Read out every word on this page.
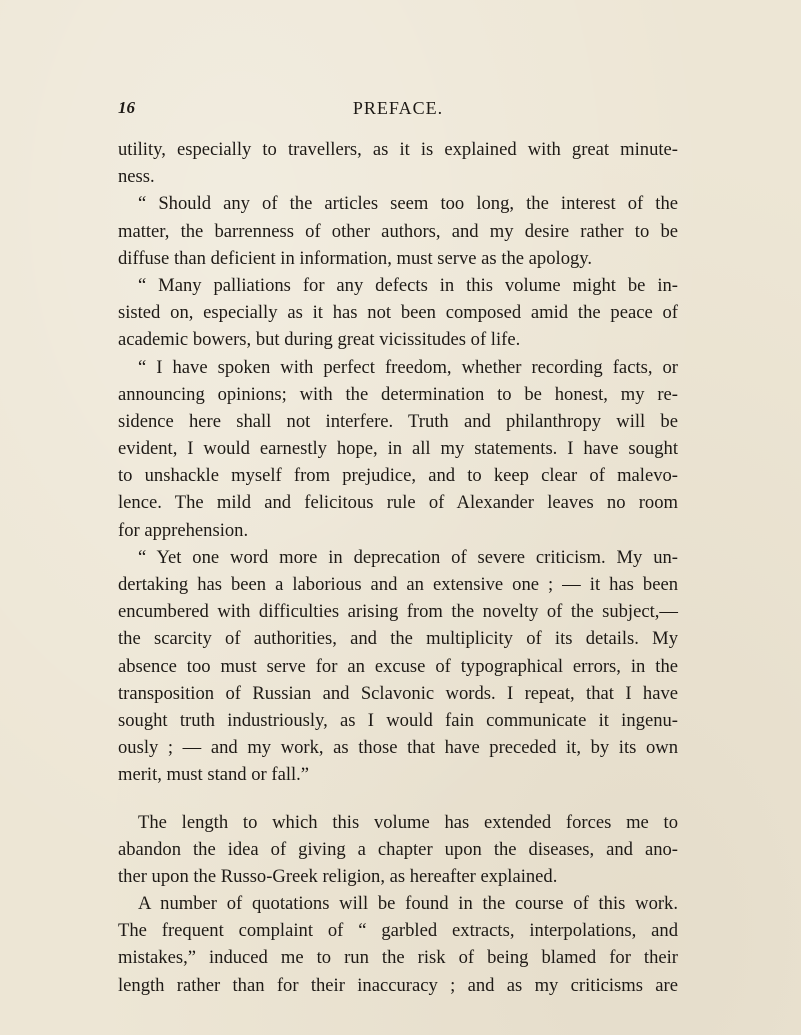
16	PREFACE.
utility, especially to travellers, as it is explained with great minute-
ness.
“ Should any of the articles seem too long, the interest of the
matter, the barrenness of other authors, and my desire rather to be
diffuse than deficient in information, must serve as the apology.
“ Many palliations for any defects in this volume might be in-
sisted on, especially as it has not been composed amid the peace of
academic bowers, but during great vicissitudes of life.
“ I have spoken with perfect freedom, whether recording facts, or
announcing opinions; with the determination to be honest, my re-
sidence here shall not interfere. Truth and philanthropy will be
evident, I would earnestly hope, in all my statements. I have sought
to unshackle myself from prejudice, and to keep clear of malevo-
lence. The mild and felicitous rule of Alexander leaves no room
for apprehension.
“ Yet one word more in deprecation of severe criticism. My un-
dertaking has been a laborious and an extensive one ; — it has been
encumbered with difficulties arising from the novelty of the subject,—
the scarcity of authorities, and the multiplicity of its details. My
absence too must serve for an excuse of typographical errors, in the
transposition of Russian and Sclavonic words. I repeat, that I have
sought truth industriously, as I would fain communicate it ingenu-
ously ; — and my work, as those that have preceded it, by its own
merit, must stand or fall.”
The length to which this volume has extended forces me to
abandon the idea of giving a chapter upon the diseases, and ano-
ther upon the Russo-Greek religion, as hereafter explained.
A number of quotations will be found in the course of this work.
The frequent complaint of “ garbled extracts, interpolations, and
mistakes,” induced me to run the risk of being blamed for their
length rather than for their inaccuracy ; and as my criticisms are
